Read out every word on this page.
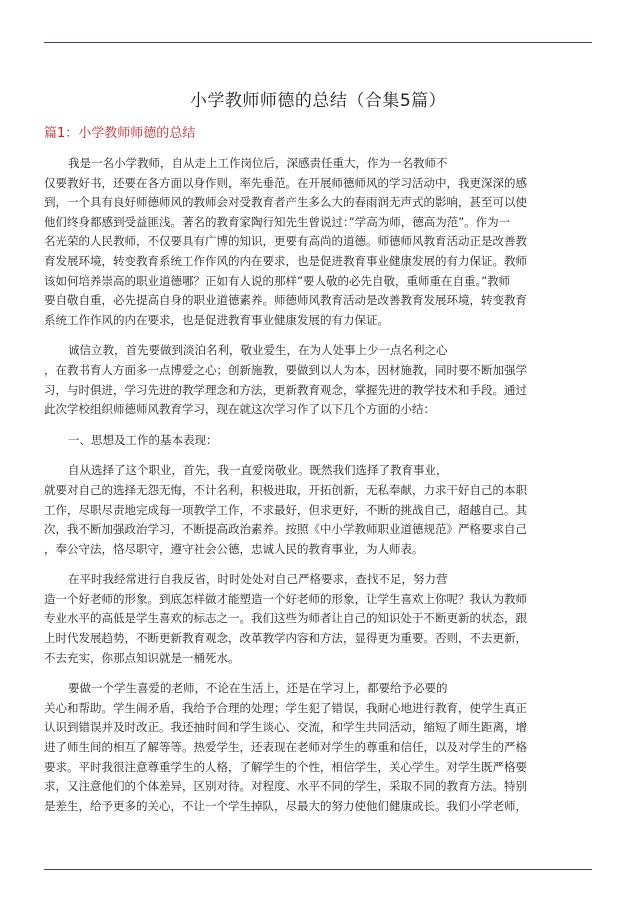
小学教师师德的总结（合集5篇）
篇1：小学教师师德的总结
我是一名小学教师，自从走上工作岗位后，深感责任重大，作为一名教师不
仅要教好书，还要在各方面以身作则，率先垂范。在开展师德师风的学习活动中，我更深深的感
到，一个具有良好师德师风的教师会对受教育者产生多么大的春雨润无声式的影响，甚至可以使
他们终身都感到受益匪浅。著名的教育家陶行知先生曾说过：”学高为师，德高为范”。作为一
名光荣的人民教师，不仅要具有广博的知识，更要有高尚的道德。师德师风教育活动正是改善教
育发展环境，转变教育系统工作作风的内在要求，也是促进教育事业健康发展的有力保证。教师
该如何培养崇高的职业道德哪？正如有人说的那样”要人敬的必先自敬，重师重在自重。”教师
要自敬自重，必先提高自身的职业道德素养。师德师风教育活动是改善教育发展环境，转变教育
系统工作作风的内在要求，也是促进教育事业健康发展的有力保证。
诚信立教，首先要做到淡泊名利，敬业爱生，在为人处事上少一点名利之心
，在教书育人方面多一点博爱之心；创新施教，要做到以人为本，因材施教，同时要不断加强学
习，与时俱进，学习先进的教学理念和方法，更新教育观念，掌握先进的教学技术和手段。通过
此次学校组织师德师风教育学习，现在就这次学习作了以下几个方面的小结：
一、思想及工作的基本表现：
自从选择了这个职业，首先，我一直爱岗敬业。既然我们选择了教育事业，
就要对自己的选择无怨无悔，不计名利，积极进取，开拓创新，无私奉献，力求干好自己的本职
工作，尽职尽责地完成每一项教学工作，不求最好，但求更好，不断的挑战自己，超越自己。其
次，我不断加强政治学习，不断提高政治素养。按照《中小学教师职业道德规范》严格要求自己
，奉公守法，恪尽职守，遵守社会公德，忠诚人民的教育事业，为人师表。
在平时我经常进行自我反省，时时处处对自己严格要求，查找不足，努力营
造一个好老师的形象。到底怎样做才能塑造一个好老师的形象，让学生喜欢上你呢？我认为教师
专业水平的高低是学生喜欢的标志之一。我们这些为师者让自己的知识处于不断更新的状态，跟
上时代发展趋势，不断更新教育观念，改革教学内容和方法，显得更为重要。否则，不去更新，
不去充实，你那点知识就是一桶死水。
要做一个学生喜爱的老师，不论在生活上，还是在学习上，都要给予必要的
关心和帮助。学生闹矛盾，我给予合理的处理；学生犯了错误，我耐心地进行教育，使学生真正
认识到错误并及时改正。我还抽时间和学生谈心、交流，和学生共同活动，缩短了师生距离，增
进了师生间的相互了解等等。热爱学生，还表现在老师对学生的尊重和信任，以及对学生的严格
要求。平时我很注意尊重学生的人格，了解学生的个性，相信学生，关心学生。对学生既严格要
求，又注意他们的个体差异，区别对待。对程度、水平不同的学生，采取不同的教育方法。特别
是差生，给予更多的关心，不让一个学生掉队，尽最大的努力使他们健康成长。我们小学老师，
